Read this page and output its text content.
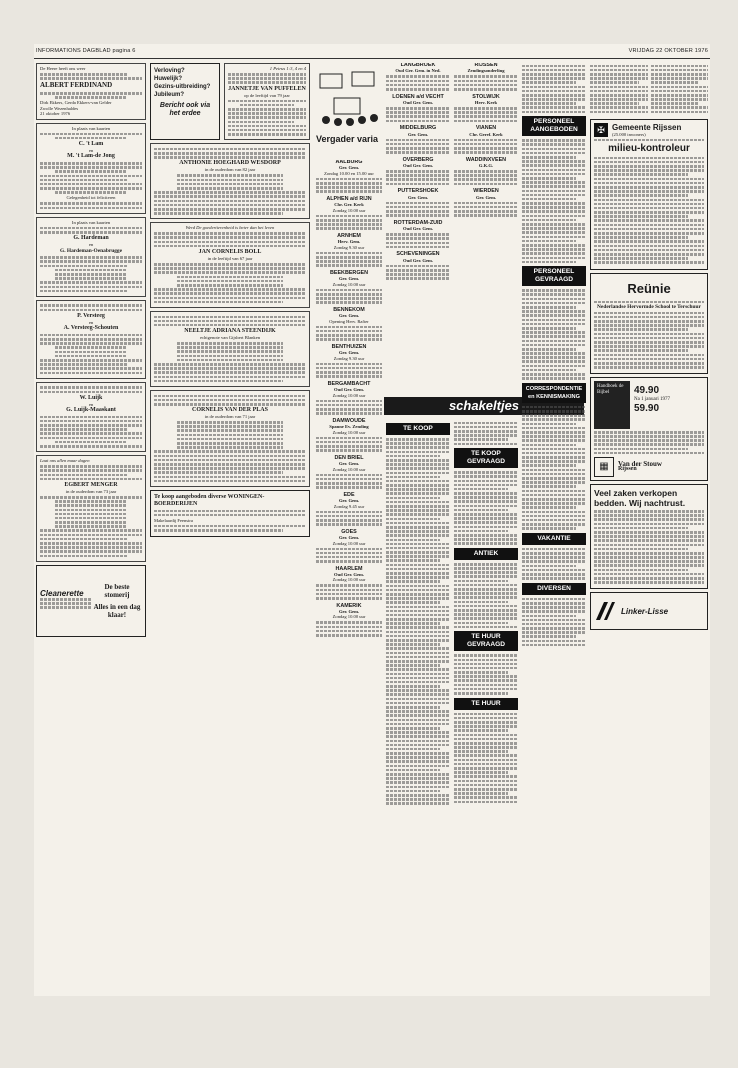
INFORMATIONS DAGBLAD pagina 6	VRIJDAG 22 OKTOBER 1976
De Heere heeft ons weer
ALBERT FERDINAND
Dirk Ekkers, Gerda Ekkers-van Gelder
Zwolle Wezenhaldes
21 oktober 1976
In plaats van kaarten
C. 't Lam
en
M. 't Lam-de Jong
Gelegenheid tot feliciteren
In plaats van kaarten
G. Hardeman
en
G. Hardeman-Oenabrugge
P. Versteeg
en
A. Versteeg-Schouten
W. Luijk
en
G. Luijk-Maaskant
Laat ons allen maar dagen
EGBERT MENGER
in de ouderdom van 73 jaar
Cleanerette
De beste stomerij
Alles in een dag klaar!
Verloving?
Huwelijk?
Gezins-uitbreiding?
Jubileum?
Bericht ook via het erdee
1 Petrus 1:3, 4 en 4
JANNETJE VAN PUFFELEN
op de leeftijd van 79 jaar
ANTHONIE HOEGHARD WESDORP
in de ouderdom van 82 jaar
Werd De goedertierenheid is beter dan het leven
JAN CORNELIS BOLL
in de leeftijd van 67 jaar
NEELTJE ADRIANA STEENDIJK
echtgenote van Gijsbert Blanken
CORNELIS VAN DER PLAS
in de ouderdom van 71 jaar
Te koop aangeboden diverse WONINGEN-BOERDERIJEN
Makelaardij Feenstra
Vergader varia
AALBURG
Ger. Gem.
Zondag 10.00 en 15.00 uur
ALPHEN a/d RIJN
Chr. Ger. Kerk
Zondag 10.00 uur
ARNHEM
Herv. Gem.
Zondag 9.30 uur
BEEKBERGEN
Ger. Gem.
Zondag 10.00 uur
BENNEKOM
Ger. Gem.
Opening Herv. Rafter
BENTHUIZEN
Ger. Gem.
Zondag 9.30 uur
BERGAMBACHT
Oud Ger. Gem.
Zondag 10.00 uur
DAMWOUDE
Spanne Ev. Zending
Zondag 10.00 uur
DEN BRIEL
Ger. Gem.
Zondag 10.00 uur
EDE
Ger. Gem.
Zondag 9.45 uur
GOES
Ger. Gem.
Zondag 10.00 uur
HAARLEM
Oud Ger. Gem.
Zondag 10.00 uur
KAMERIK
Ger. Gem.
Zondag 10.00 uur
LANGBROEK
Oud Ger. Gem. in Ned.
LOENEN a/d VECHT
Oud Ger. Gem.
MIDDELBURG
Ger. Gem.
OVERBERG
Oud Ger. Gem.
PUTTERSHOEK
Ger. Gem.
ROTTERDAM-ZUID
Oud Ger. Gem.
SCHEVENINGEN
Oud Ger. Gem.
RIJSSEN
Zendingsonderling
STOLWIJK
Herv. Kerk
VIANEN
Chr. Geref. Kerk
WADDINXVEEN
G.K.G.
WIERDEN
Ger. Gem.
schakeltjes
TE KOOP
TE KOOP GEVRAAGD
ANTIEK
TE HUUR GEVRAAGD
TE HUUR
PERSONEEL AANGEBODEN
PERSONEEL GEVRAAGD
CORRESPONDENTIE en KENNISMAKING
VAKANTIE
DIVERSEN
✠ Gemeente Rijssen
(25.000 inwoners)
milieu-kontroleur
Reünie
Nederlandse Hervormde School te Terschuur
Handboek de Bijbel	49.90
Na 1 januari 1977
59.90
▦	Van der Stouw
Rijssen
Veel zaken verkopen bedden. Wij nachtrust.
Linker-Lisse
